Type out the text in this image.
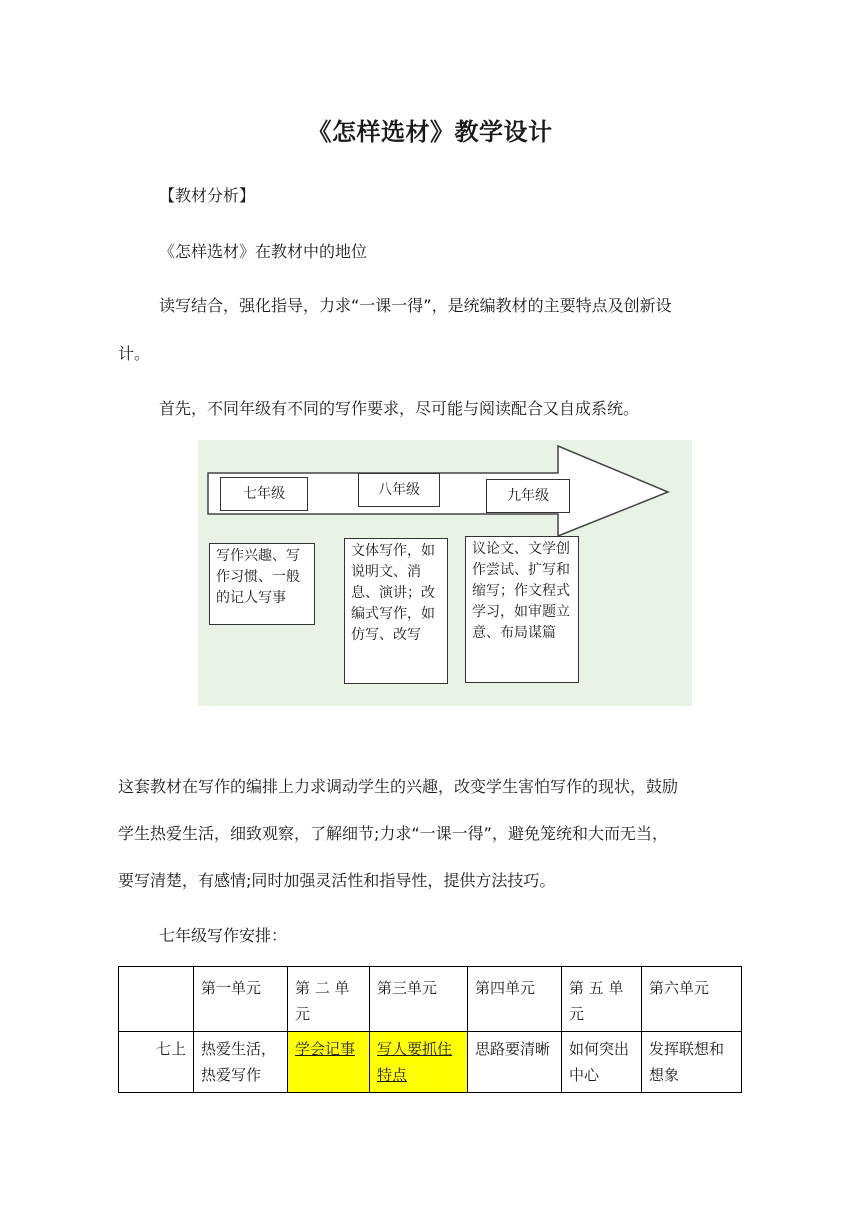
《怎样选材》教学设计
【教材分析】
《怎样选材》在教材中的地位
读写结合，强化指导，力求“一课一得”，是统编教材的主要特点及创新设
计。
首先，不同年级有不同的写作要求，尽可能与阅读配合又自成系统。
七年级	八年级	九年级
写作兴趣、写作习惯、一般的记人写事
文体写作，如说明文、消息、演讲；改编式写作，如仿写、改写
议论文、文学创作尝试、扩写和缩写；作文程式学习，如审题立意、布局谋篇
这套教材在写作的编排上力求调动学生的兴趣，改变学生害怕写作的现状，鼓励
学生热爱生活，细致观察，了解细节;力求“一课一得”，避免笼统和大而无当，
要写清楚，有感情;同时加强灵活性和指导性，提供方法技巧。
七年级写作安排：
	第一单元	第 二 单元	第三单元	第四单元	第 五 单元	第六单元
七上	热爱生活，热爱写作	学会记事	写人要抓住特点	思路要清晰	如何突出中心	发挥联想和想象
